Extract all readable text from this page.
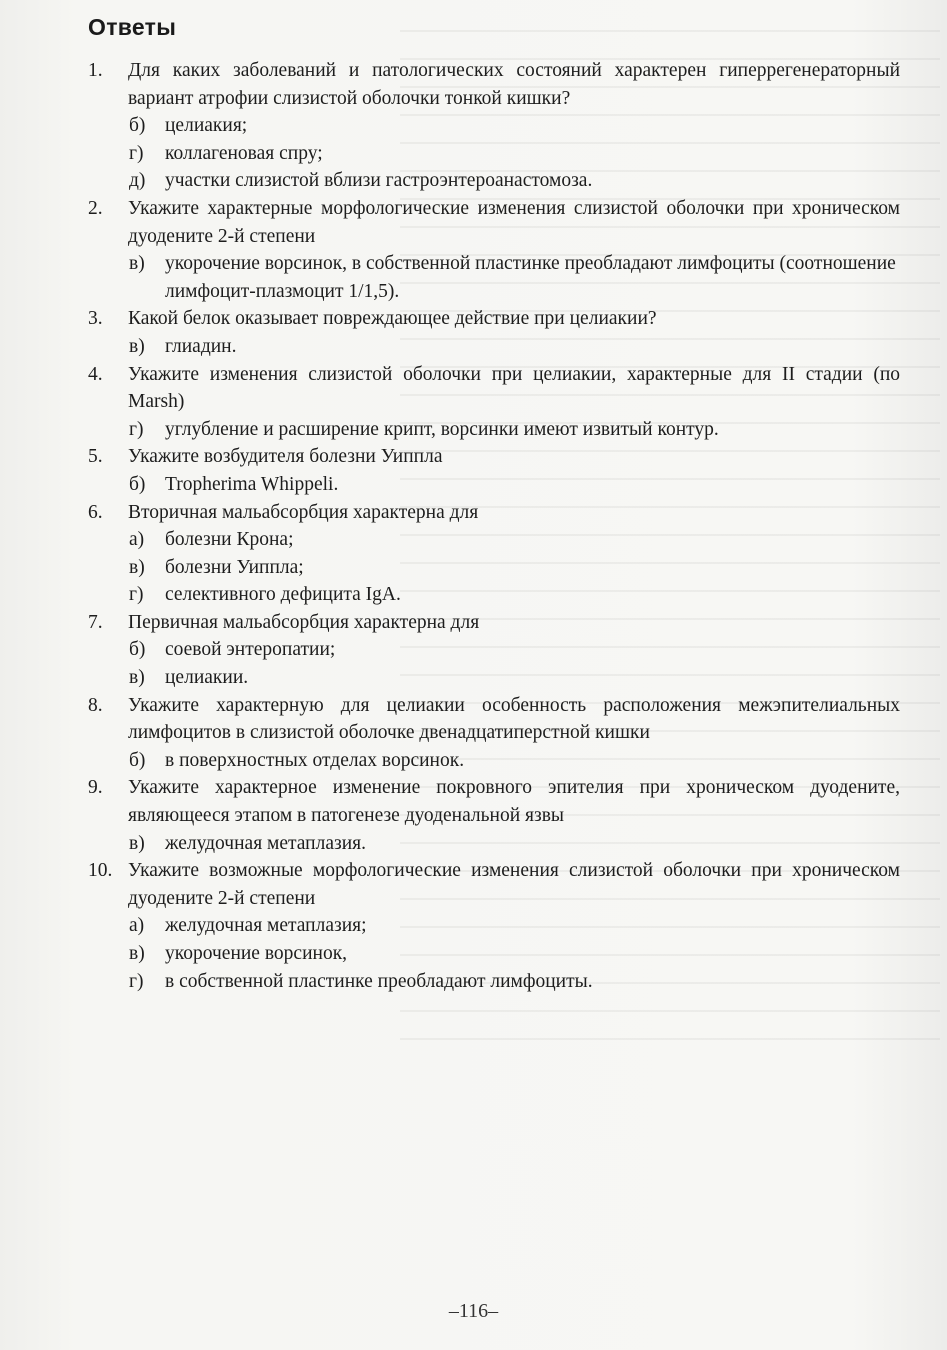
Ответы
1.	Для каких заболеваний и патологических состояний характерен гиперрегенераторный вариант атрофии слизистой оболочки тонкой кишки?
б)	целиакия;
г)	коллагеновая спру;
д)	участки слизистой вблизи гастроэнтероанастомоза.
2.	Укажите характерные морфологические изменения слизистой оболочки при хроническом дуодените 2-й степени
в)	укорочение ворсинок, в собственной пластинке преобладают лимфоциты (соотношение лимфоцит-плазмоцит 1/1,5).
3.	Какой белок оказывает повреждающее действие при целиакии?
в)	глиадин.
4.	Укажите изменения слизистой оболочки при целиакии, характерные для II стадии (по Marsh)
г)	углубление и расширение крипт, ворсинки имеют извитый контур.
5.	Укажите возбудителя болезни Уиппла
б)	Tropherima Whippeli.
6.	Вторичная мальабсорбция характерна для
а)	болезни Крона;
в)	болезни Уиппла;
г)	селективного дефицита IgA.
7.	Первичная мальабсорбция характерна для
б)	соевой энтеропатии;
в)	целиакии.
8.	Укажите характерную для целиакии особенность расположения межэпителиальных лимфоцитов в слизистой оболочке двенадцатиперстной кишки
б)	в поверхностных отделах ворсинок.
9.	Укажите характерное изменение покровного эпителия при хроническом дуодените, являющееся этапом в патогенезе дуоденальной язвы
в)	желудочная метаплазия.
10. Укажите возможные морфологические изменения слизистой оболочки при хроническом дуодените 2-й степени
а)	желудочная метаплазия;
в)	укорочение ворсинок,
г)	в собственной пластинке преобладают лимфоциты.
–116–
